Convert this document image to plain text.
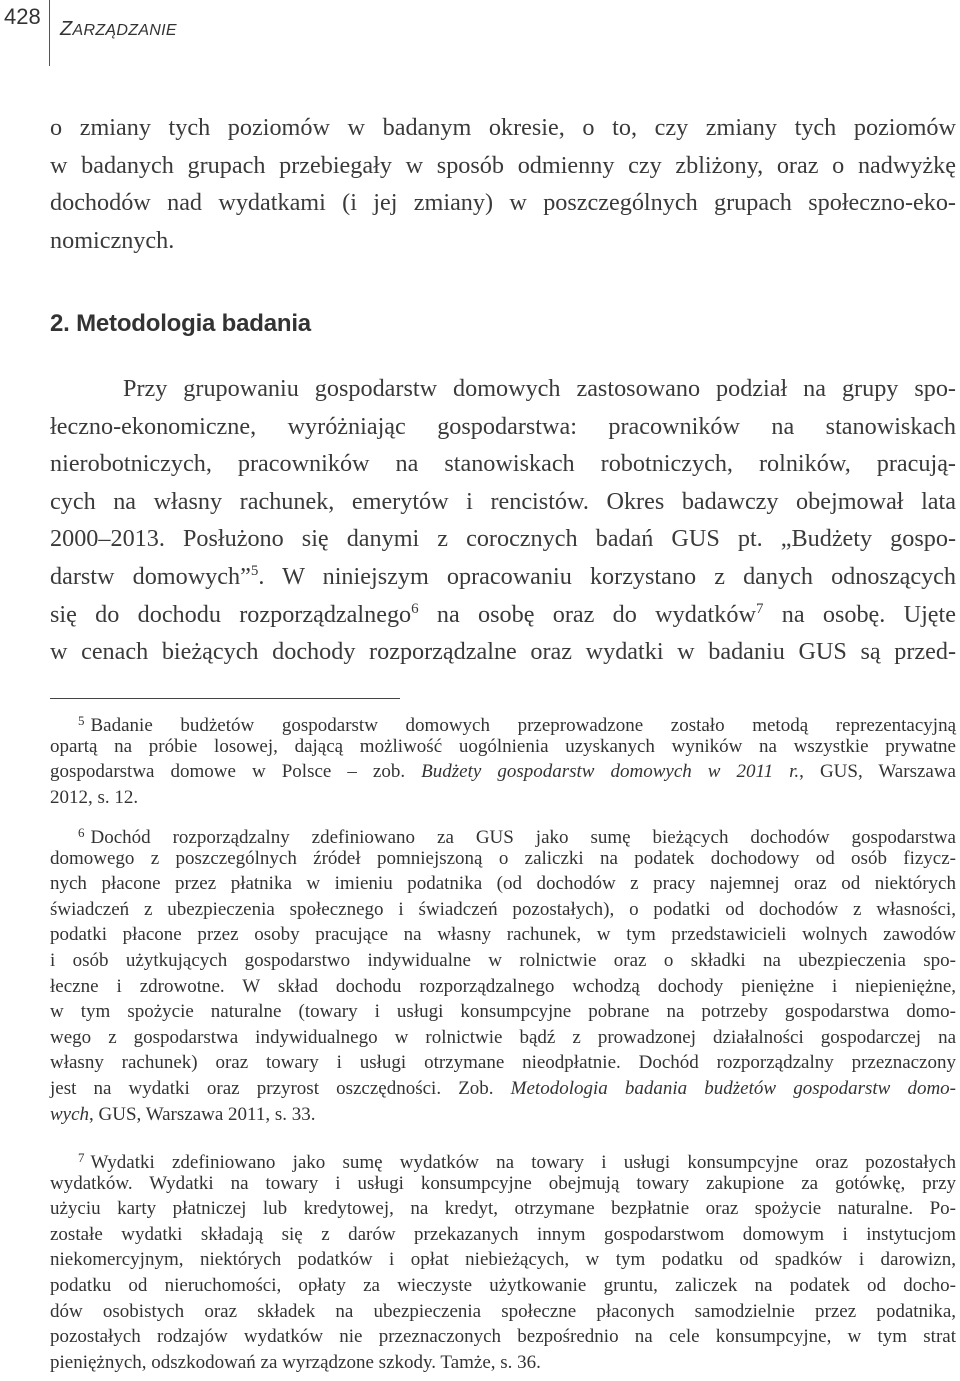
428 ZARZĄDZANIE
o zmiany tych poziomów w badanym okresie, o to, czy zmiany tych poziomów
w badanych grupach przebiegały w sposób odmienny czy zbliżony, oraz o nadwyżkę
dochodów nad wydatkami (i jej zmiany) w poszczególnych grupach społeczno-eko-
nomicznych.
2. Metodologia badania
Przy grupowaniu gospodarstw domowych zastosowano podział na grupy spo-
łeczno-ekonomiczne, wyróżniając gospodarstwa: pracowników na stanowiskach
nierobotniczych, pracowników na stanowiskach robotniczych, rolników, pracują-
cych na własny rachunek, emerytów i rencistów. Okres badawczy obejmował lata
2000–2013. Posłużono się danymi z corocznych badań GUS pt. „Budżety gospo-
darstw domowych”$^5$. W niniejszym opracowaniu korzystano z danych odnoszących
się do dochodu rozporządzalnego$^6$ na osobę oraz do wydatków$^7$ na osobę. Ujęte
w cenach bieżących dochody rozporządzalne oraz wydatki w badaniu GUS są przed-
$^5$ Badanie budżetów gospodarstw domowych przeprowadzone zostało metodą reprezentacyjną
opartą na próbie losowej, dającą możliwość uogólnienia uzyskanych wyników na wszystkie prywatne
gospodarstwa domowe w Polsce – zob. Budżety gospodarstw domowych w 2011 r., GUS, Warszawa
2012, s. 12.
$^6$ Dochód rozporządzalny zdefiniowano za GUS jako sumę bieżących dochodów gospodarstwa
domowego z poszczególnych źródeł pomniejszoną o zaliczki na podatek dochodowy od osób fizycz-
nych płacone przez płatnika w imieniu podatnika (od dochodów z pracy najemnej oraz od niektórych
świadczeń z ubezpieczenia społecznego i świadczeń pozostałych), o podatki od dochodów z własności,
podatki płacone przez osoby pracujące na własny rachunek, w tym przedstawicieli wolnych zawodów
i osób użytkujących gospodarstwo indywidualne w rolnictwie oraz o składki na ubezpieczenia spo-
łeczne i zdrowotne. W skład dochodu rozporządzalnego wchodzą dochody pieniężne i niepieniężne,
w tym spożycie naturalne (towary i usługi konsumpcyjne pobrane na potrzeby gospodarstwa domo-
wego z gospodarstwa indywidualnego w rolnictwie bądź z prowadzonej działalności gospodarczej na
własny rachunek) oraz towary i usługi otrzymane nieodpłatnie. Dochód rozporządzalny przeznaczony
jest na wydatki oraz przyrost oszczędności. Zob. Metodologia badania budżetów gospodarstw domo-
wych, GUS, Warszawa 2011, s. 33.
$^7$ Wydatki zdefiniowano jako sumę wydatków na towary i usługi konsumpcyjne oraz pozostałych
wydatków. Wydatki na towary i usługi konsumpcyjne obejmują towary zakupione za gotówkę, przy
użyciu karty płatniczej lub kredytowej, na kredyt, otrzymane bezpłatnie oraz spożycie naturalne. Po-
zostałe wydatki składają się z darów przekazanych innym gospodarstwom domowym i instytucjom
niekomercyjnym, niektórych podatków i opłat niebieżących, w tym podatku od spadków i darowizn,
podatku od nieruchomości, opłaty za wieczyste użytkowanie gruntu, zaliczek na podatek od docho-
dów osobistych oraz składek na ubezpieczenia społeczne płaconych samodzielnie przez podatnika,
pozostałych rodzajów wydatków nie przeznaczonych bezpośrednio na cele konsumpcyjne, w tym strat
pieniężnych, odszkodowań za wyrządzone szkody. Tamże, s. 36.
